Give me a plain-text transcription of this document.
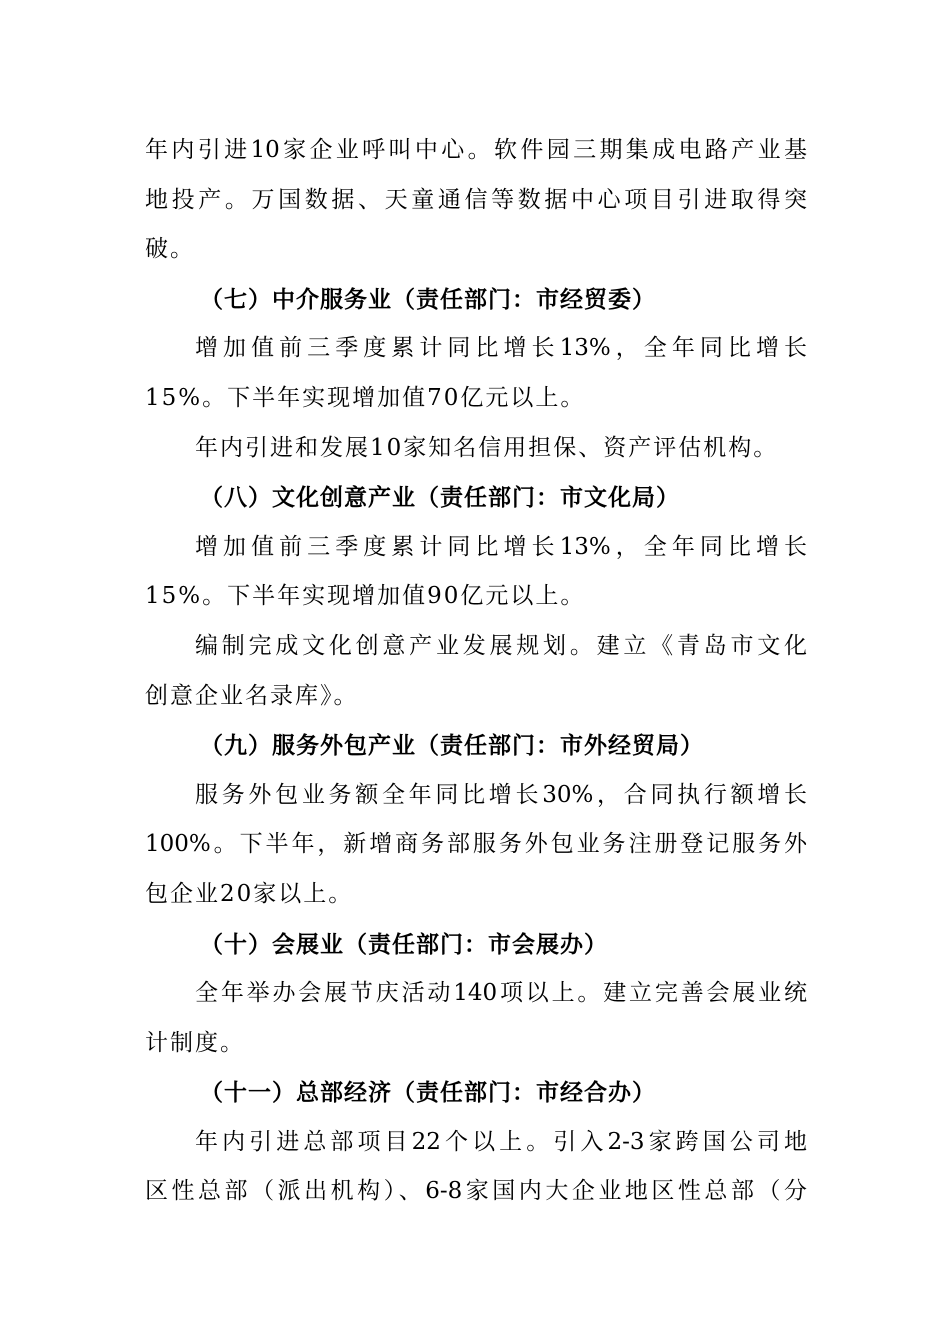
年内引进10家企业呼叫中心。软件园三期集成电路产业基
地投产。万国数据、天童通信等数据中心项目引进取得突
破。
（七）中介服务业（责任部门：市经贸委）
增加值前三季度累计同比增长13%，全年同比增长
15%。下半年实现增加值70亿元以上。
年内引进和发展10家知名信用担保、资产评估机构。
（八）文化创意产业（责任部门：市文化局）
增加值前三季度累计同比增长13%，全年同比增长
15%。下半年实现增加值90亿元以上。
编制完成文化创意产业发展规划。建立《青岛市文化
创意企业名录库》。
（九）服务外包产业（责任部门：市外经贸局）
服务外包业务额全年同比增长30%，合同执行额增长
100%。下半年，新增商务部服务外包业务注册登记服务外
包企业20家以上。
（十）会展业（责任部门：市会展办）
全年举办会展节庆活动140项以上。建立完善会展业统
计制度。
（十一）总部经济（责任部门：市经合办）
年内引进总部项目22个以上。引入2-3家跨国公司地
区性总部（派出机构）、6-8家国内大企业地区性总部（分
